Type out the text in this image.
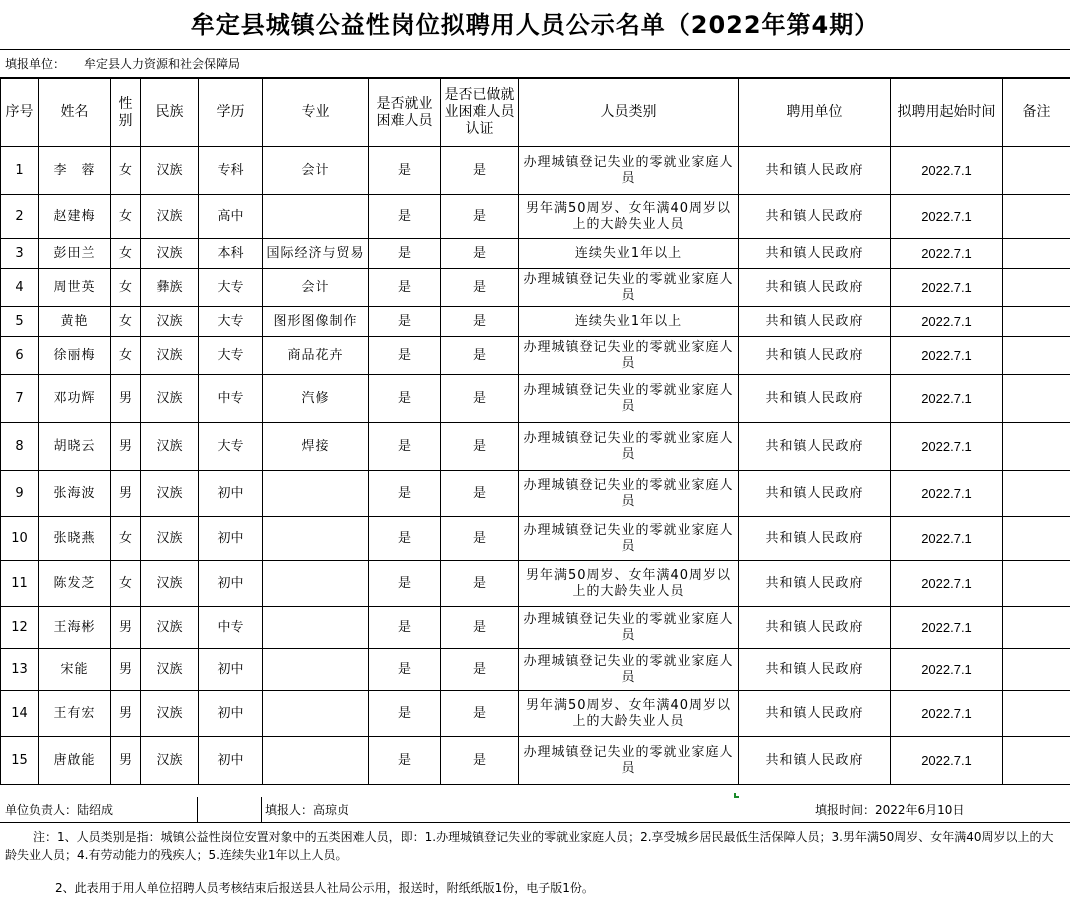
牟定县城镇公益性岗位拟聘用人员公示名单（2022年第4期）
填报单位： 牟定县人力资源和社会保障局
序号	姓名	性别	民族	学历	专业	是否就业困难人员	是否已做就业困难人员认证	人员类别	聘用单位	拟聘用起始时间	备注
1	李　蓉	女	汉族	专科	会计	是	是	办理城镇登记失业的零就业家庭人员	共和镇人民政府	2022.7.1	
2	赵建梅	女	汉族	高中		是	是	男年满50周岁、女年满40周岁以上的大龄失业人员	共和镇人民政府	2022.7.1	
3	彭田兰	女	汉族	本科	国际经济与贸易	是	是	连续失业1年以上	共和镇人民政府	2022.7.1	
4	周世英	女	彝族	大专	会计	是	是	办理城镇登记失业的零就业家庭人员	共和镇人民政府	2022.7.1	
5	黄艳	女	汉族	大专	图形图像制作	是	是	连续失业1年以上	共和镇人民政府	2022.7.1	
6	徐丽梅	女	汉族	大专	商品花卉	是	是	办理城镇登记失业的零就业家庭人员	共和镇人民政府	2022.7.1	
7	邓功辉	男	汉族	中专	汽修	是	是	办理城镇登记失业的零就业家庭人员	共和镇人民政府	2022.7.1	
8	胡晓云	男	汉族	大专	焊接	是	是	办理城镇登记失业的零就业家庭人员	共和镇人民政府	2022.7.1	
9	张海波	男	汉族	初中		是	是	办理城镇登记失业的零就业家庭人员	共和镇人民政府	2022.7.1	
10	张晓燕	女	汉族	初中		是	是	办理城镇登记失业的零就业家庭人员	共和镇人民政府	2022.7.1	
11	陈发芝	女	汉族	初中		是	是	男年满50周岁、女年满40周岁以上的大龄失业人员	共和镇人民政府	2022.7.1	
12	王海彬	男	汉族	中专		是	是	办理城镇登记失业的零就业家庭人员	共和镇人民政府	2022.7.1	
13	宋能	男	汉族	初中		是	是	办理城镇登记失业的零就业家庭人员	共和镇人民政府	2022.7.1	
14	王有宏	男	汉族	初中		是	是	男年满50周岁、女年满40周岁以上的大龄失业人员	共和镇人民政府	2022.7.1	
15	唐啟能	男	汉族	初中		是	是	办理城镇登记失业的零就业家庭人员	共和镇人民政府	2022.7.1	
单位负责人：陆绍成	填报人：高琼贞	填报时间：2022年6月10日
注：1、人员类别是指：城镇公益性岗位安置对象中的五类困难人员，即：1.办理城镇登记失业的零就业家庭人员；2.享受城乡居民最低生活保障人员；3.男年满50周岁、女年满40周岁以上的大龄失业人员；4.有劳动能力的残疾人；5.连续失业1年以上人员。
2、此表用于用人单位招聘人员考核结束后报送县人社局公示用，报送时，附纸纸版1份，电子版1份。
